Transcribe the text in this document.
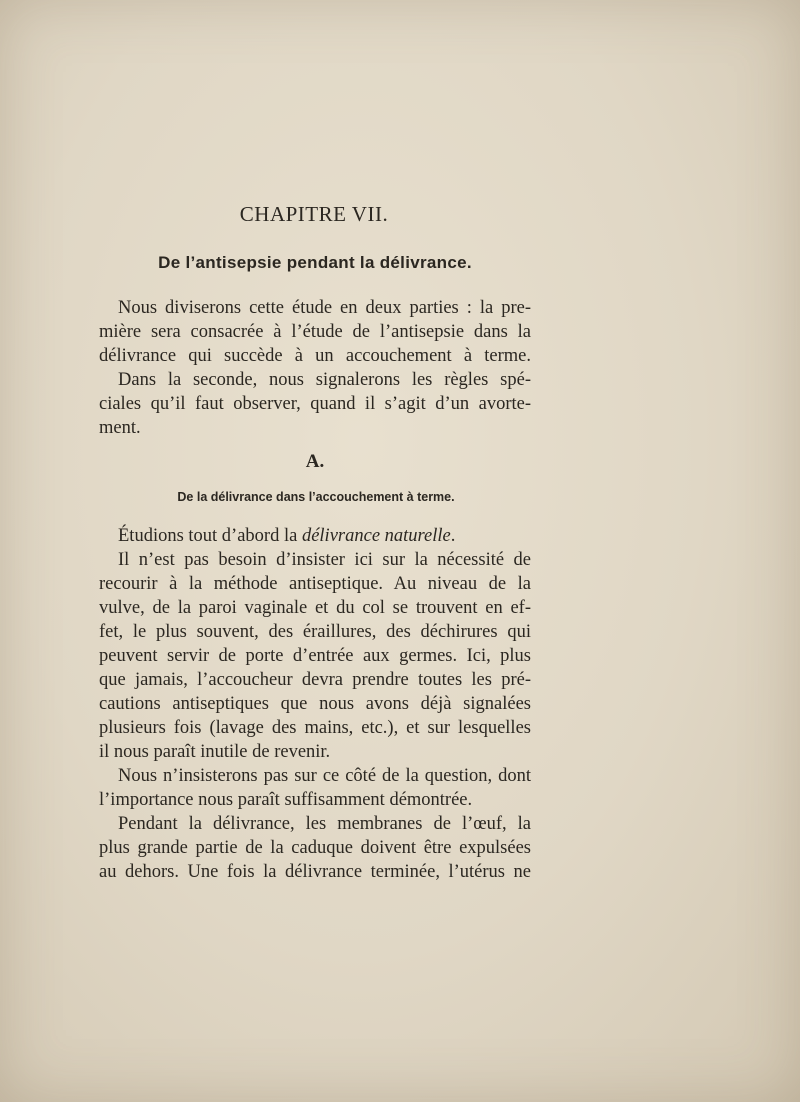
CHAPITRE VII.
De l’antisepsie pendant la délivrance.
Nous diviserons cette étude en deux parties : la pre-
mière sera consacrée à l’étude de l’antisepsie dans la
délivrance qui succède à un accouchement à terme.
Dans la seconde, nous signalerons les règles spé-
ciales qu’il faut observer, quand il s’agit d’un avorte-
ment.
A.
De la délivrance dans l’accouchement à terme.
Étudions tout d’abord la délivrance naturelle.
Il n’est pas besoin d’insister ici sur la nécessité de
recourir à la méthode antiseptique. Au niveau de la
vulve, de la paroi vaginale et du col se trouvent en ef-
fet, le plus souvent, des éraillures, des déchirures qui
peuvent servir de porte d’entrée aux germes. Ici, plus
que jamais, l’accoucheur devra prendre toutes les pré-
cautions antiseptiques que nous avons déjà signalées
plusieurs fois (lavage des mains, etc.), et sur lesquelles
il nous paraît inutile de revenir.
Nous n’insisterons pas sur ce côté de la question, dont
l’importance nous paraît suffisamment démontrée.
Pendant la délivrance, les membranes de l’œuf, la
plus grande partie de la caduque doivent être expulsées
au dehors. Une fois la délivrance terminée, l’utérus ne
